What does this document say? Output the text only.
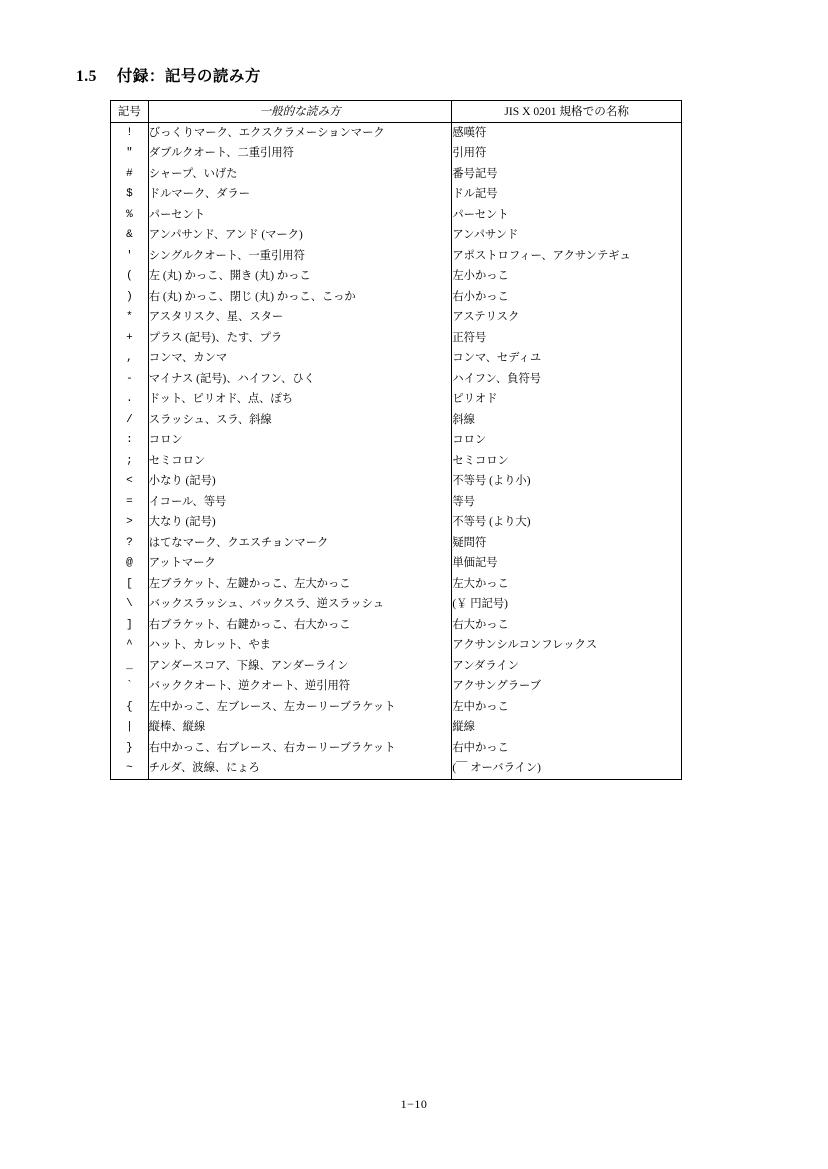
1.5 付録：記号の読み方
記号	一般的な読み方	JIS X 0201 規格での名称
!	びっくりマーク、エクスクラメーションマーク	感嘆符
"	ダブルクオート、二重引用符	引用符
#	シャープ、いげた	番号記号
$	ドルマーク、ダラー	ドル記号
%	パーセント	パーセント
&	アンパサンド、アンド (マーク)	アンパサンド
'	シングルクオート、一重引用符	アポストロフィー、アクサンテギュ
(	左 (丸) かっこ、開き (丸) かっこ	左小かっこ
)	右 (丸) かっこ、閉じ (丸) かっこ、こっか	右小かっこ
*	アスタリスク、星、スター	アステリスク
+	プラス (記号)、たす、プラ	正符号
,	コンマ、カンマ	コンマ、セディユ
-	マイナス (記号)、ハイフン、ひく	ハイフン、負符号
.	ドット、ピリオド、点、ぽち	ピリオド
/	スラッシュ、スラ、斜線	斜線
:	コロン	コロン
;	セミコロン	セミコロン
<	小なり (記号)	不等号 (より小)
=	イコール、等号	等号
>	大なり (記号)	不等号 (より大)
?	はてなマーク、クエスチョンマーク	疑問符
@	アットマーク	単価記号
[	左ブラケット、左鍵かっこ、左大かっこ	左大かっこ
\	バックスラッシュ、バックスラ、逆スラッシュ	(￥ 円記号)
]	右ブラケット、右鍵かっこ、右大かっこ	右大かっこ
^	ハット、カレット、やま	アクサンシルコンフレックス
_	アンダースコア、下線、アンダーライン	アンダライン
`	バッククオート、逆クオート、逆引用符	アクサングラーブ
{	左中かっこ、左ブレース、左カーリーブラケット	左中かっこ
|	縦棒、縦線	縦線
}	右中かっこ、右ブレース、右カーリーブラケット	右中かっこ
~	チルダ、波線、にょろ	(￣ オーバライン)
1−10
